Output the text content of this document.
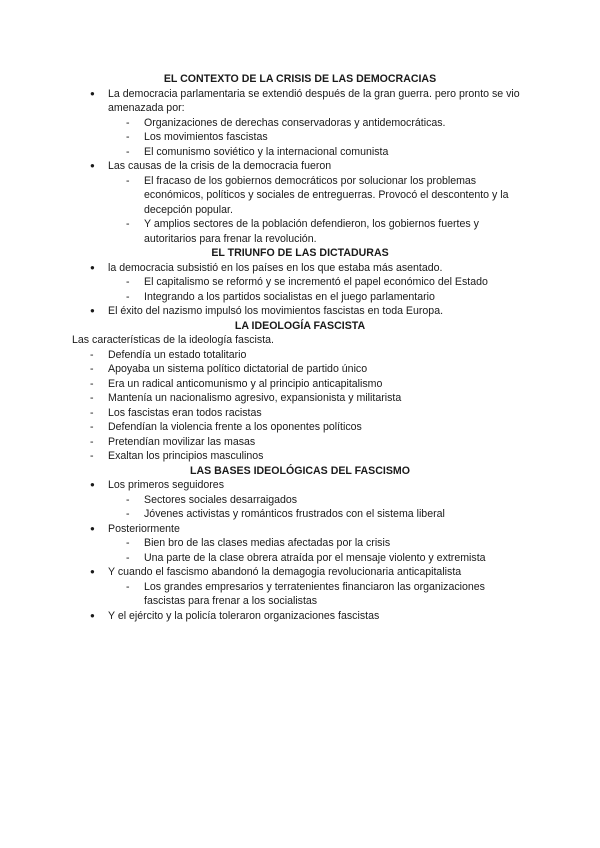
EL CONTEXTO DE LA CRISIS DE LAS DEMOCRACIAS
● La democracia parlamentaria se extendió después de la gran guerra. pero pronto se vio amenazada por:
- Organizaciones de derechas conservadoras y antidemocráticas.
- Los movimientos fascistas
- El comunismo soviético y la internacional comunista
● Las causas de la crisis de la democracia fueron
- El fracaso de los gobiernos democráticos por solucionar los problemas económicos, políticos y sociales de entreguerras. Provocó el descontento y la decepción popular.
- Y amplios sectores de la población defendieron, los gobiernos fuertes y autoritarios para frenar la revolución.
EL TRIUNFO DE LAS DICTADURAS
● la democracia subsistió en los países en los que estaba más asentado.
- El capitalismo se reformó y se incrementó el papel económico del Estado
- Integrando a los partidos socialistas en el juego parlamentario
● El éxito del nazismo impulsó los movimientos fascistas en toda Europa.
LA IDEOLOGÍA FASCISTA

Las características de la ideología fascista.

- Defendía un estado totalitario
- Apoyaba un sistema político dictatorial de partido único
- Era un radical anticomunismo y al principio anticapitalismo
- Mantenía un nacionalismo agresivo, expansionista y militarista
- Los fascistas eran todos racistas
- Defendían la violencia frente a los oponentes políticos
- Pretendían movilizar las masas
- Exaltan los principios masculinos
LAS BASES IDEOLÓGICAS DEL FASCISMO
● Los primeros seguidores
- Sectores sociales desarraigados
- Jóvenes activistas y románticos frustrados con el sistema liberal
● Posteriormente
- Bien bro de las clases medias afectadas por la crisis
- Una parte de la clase obrera atraída por el mensaje violento y extremista
● Y cuando el fascismo abandonó la demagogia revolucionaria anticapitalista
- Los grandes empresarios y terratenientes financiaron las organizaciones fascistas para frenar a los socialistas
● Y el ejército y la policía toleraron organizaciones fascistas
